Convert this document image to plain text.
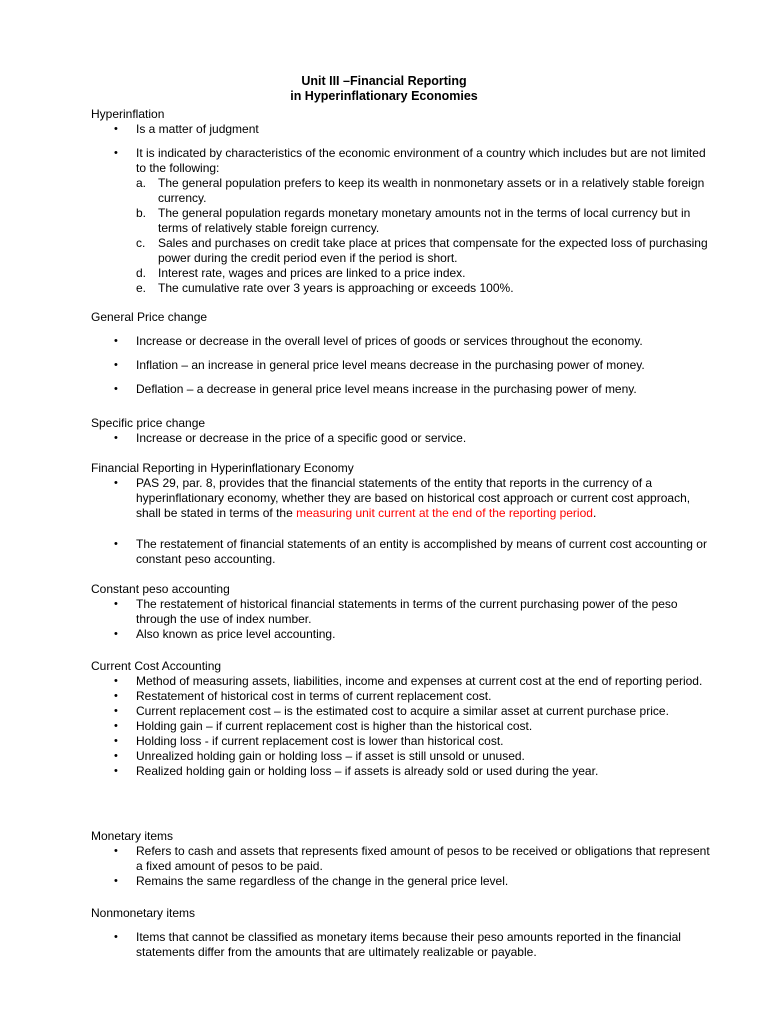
Unit III –Financial Reporting
in Hyperinflationary Economies
Hyperinflation
• Is a matter of judgment
• It is indicated by characteristics of the economic environment of a country which includes but are not limited to the following:
a. The general population prefers to keep its wealth in nonmonetary assets or in a relatively stable foreign currency.
b. The general population regards monetary monetary amounts not in the terms of local currency but in terms of relatively stable foreign currency.
c. Sales and purchases on credit take place at prices that compensate for the expected loss of purchasing power during the credit period even if the period is short.
d. Interest rate, wages and prices are linked to a price index.
e. The cumulative rate over 3 years is approaching or exceeds 100%.
General Price change
• Increase or decrease in the overall level of prices of goods or services throughout the economy.
• Inflation – an increase in general price level means decrease in the purchasing power of money.
• Deflation – a decrease in general price level means increase in the purchasing power of meny.
Specific price change
• Increase or decrease in the price of a specific good or service.
Financial Reporting in Hyperinflationary Economy
• PAS 29, par. 8, provides that the financial statements of the entity that reports in the currency of a hyperinflationary economy, whether they are based on historical cost approach or current cost approach, shall be stated in terms of the measuring unit current at the end of the reporting period.
• The restatement of financial statements of an entity is accomplished by means of current cost accounting or constant peso accounting.
Constant peso accounting
• The restatement of historical financial statements in terms of the current purchasing power of the peso through the use of index number.
• Also known as price level accounting.
Current Cost Accounting
• Method of measuring assets, liabilities, income and expenses at current cost at the end of reporting period.
• Restatement of historical cost in terms of current replacement cost.
• Current replacement cost – is the estimated cost to acquire a similar asset at current purchase price.
• Holding gain – if current replacement cost is higher than the historical cost.
• Holding loss - if current replacement cost is lower than historical cost.
• Unrealized holding gain or holding loss – if asset is still unsold or unused.
• Realized holding gain or holding loss – if assets is already sold or used during the year.
Monetary items
• Refers to cash and assets that represents fixed amount of pesos to be received or obligations that represent a fixed amount of pesos to be paid.
• Remains the same regardless of the change in the general price level.
Nonmonetary items
• Items that cannot be classified as monetary items because their peso amounts reported in the financial statements differ from the amounts that are ultimately realizable or payable.
